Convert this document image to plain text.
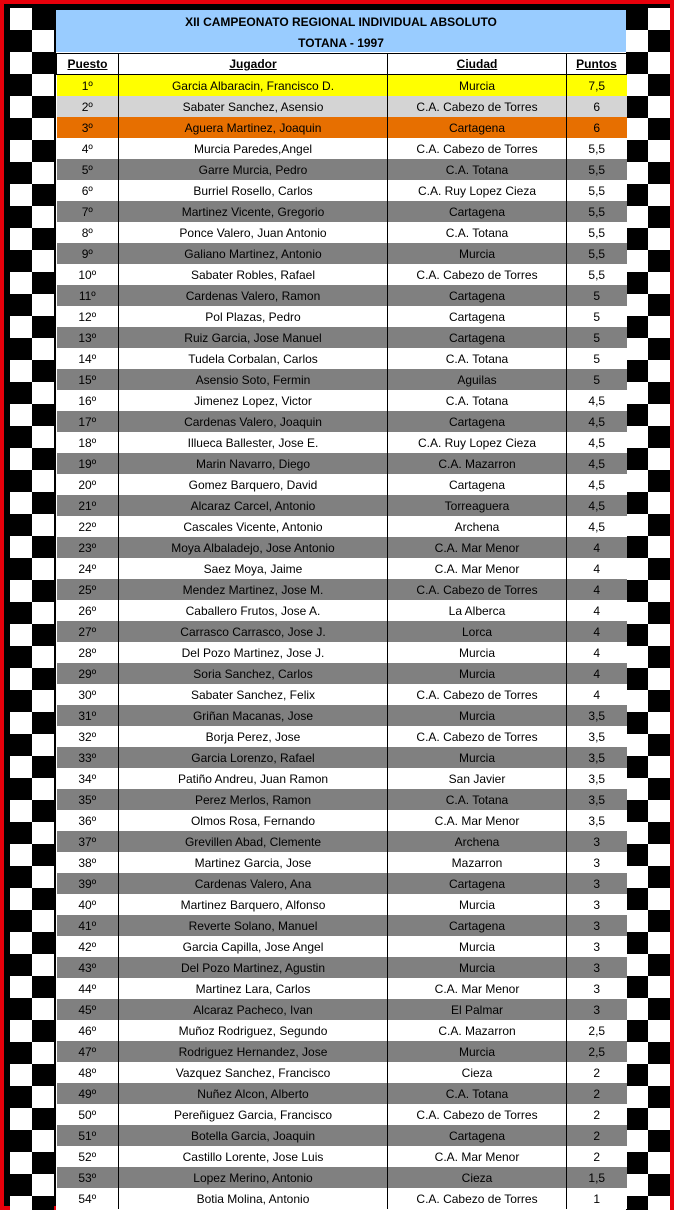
XII CAMPEONATO REGIONAL INDIVIDUAL ABSOLUTO
TOTANA - 1997
Puesto	Jugador	Ciudad	Puntos
1º	Garcia Albaracin, Francisco D.	Murcia	7,5
2º	Sabater Sanchez, Asensio	C.A. Cabezo de Torres	6
3º	Aguera Martinez, Joaquin	Cartagena	6
4º	Murcia Paredes,Angel	C.A. Cabezo de Torres	5,5
5º	Garre Murcia, Pedro	C.A. Totana	5,5
6º	Burriel Rosello, Carlos	C.A. Ruy Lopez Cieza	5,5
7º	Martinez Vicente, Gregorio	Cartagena	5,5
8º	Ponce Valero, Juan Antonio	C.A. Totana	5,5
9º	Galiano Martinez, Antonio	Murcia	5,5
10º	Sabater Robles, Rafael	C.A. Cabezo de Torres	5,5
11º	Cardenas Valero, Ramon	Cartagena	5
12º	Pol Plazas, Pedro	Cartagena	5
13º	Ruiz Garcia, Jose Manuel	Cartagena	5
14º	Tudela Corbalan, Carlos	C.A. Totana	5
15º	Asensio Soto, Fermin	Aguilas	5
16º	Jimenez Lopez, Victor	C.A. Totana	4,5
17º	Cardenas Valero, Joaquin	Cartagena	4,5
18º	Illueca Ballester, Jose E.	C.A. Ruy Lopez Cieza	4,5
19º	Marin Navarro, Diego	C.A. Mazarron	4,5
20º	Gomez Barquero, David	Cartagena	4,5
21º	Alcaraz Carcel, Antonio	Torreaguera	4,5
22º	Cascales Vicente, Antonio	Archena	4,5
23º	Moya Albaladejo, Jose Antonio	C.A. Mar Menor	4
24º	Saez Moya, Jaime	C.A. Mar Menor	4
25º	Mendez Martinez, Jose M.	C.A. Cabezo de Torres	4
26º	Caballero Frutos, Jose A.	La Alberca	4
27º	Carrasco Carrasco, Jose J.	Lorca	4
28º	Del Pozo Martinez, Jose J.	Murcia	4
29º	Soria Sanchez, Carlos	Murcia	4
30º	Sabater Sanchez, Felix	C.A. Cabezo de Torres	4
31º	Griñan Macanas, Jose	Murcia	3,5
32º	Borja Perez, Jose	C.A. Cabezo de Torres	3,5
33º	Garcia Lorenzo, Rafael	Murcia	3,5
34º	Patiño Andreu, Juan Ramon	San Javier	3,5
35º	Perez Merlos, Ramon	C.A. Totana	3,5
36º	Olmos Rosa, Fernando	C.A. Mar Menor	3,5
37º	Grevillen Abad, Clemente	Archena	3
38º	Martinez Garcia, Jose	Mazarron	3
39º	Cardenas Valero, Ana	Cartagena	3
40º	Martinez Barquero, Alfonso	Murcia	3
41º	Reverte Solano, Manuel	Cartagena	3
42º	Garcia Capilla, Jose Angel	Murcia	3
43º	Del Pozo Martinez, Agustin	Murcia	3
44º	Martinez Lara, Carlos	C.A. Mar Menor	3
45º	Alcaraz Pacheco, Ivan	El Palmar	3
46º	Muñoz Rodriguez, Segundo	C.A. Mazarron	2,5
47º	Rodriguez Hernandez, Jose	Murcia	2,5
48º	Vazquez Sanchez, Francisco	Cieza	2
49º	Nuñez Alcon, Alberto	C.A. Totana	2
50º	Pereñiguez Garcia, Francisco	C.A. Cabezo de Torres	2
51º	Botella Garcia, Joaquin	Cartagena	2
52º	Castillo Lorente, Jose Luis	C.A. Mar Menor	2
53º	Lopez Merino, Antonio	Cieza	1,5
54º	Botia Molina, Antonio	C.A. Cabezo de Torres	1
